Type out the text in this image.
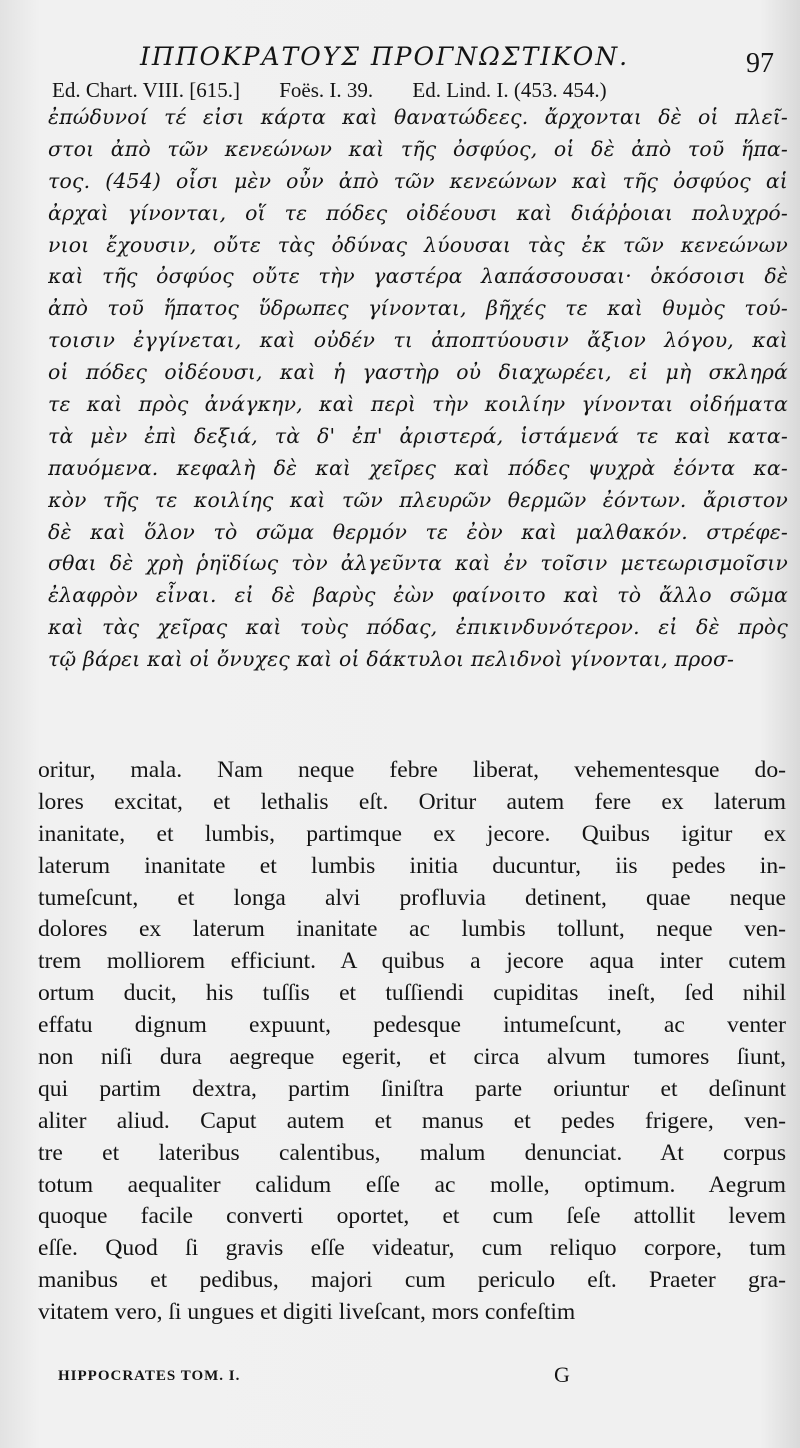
ΙΠΠΟΚΡΑΤΟΥΣ ΠΡΟΓΝΩΣΤΙΚΟΝ.	97
Ed. Chart. VIII. [615.] Foës. I. 39. Ed. Lind. I. (453. 454.)
ἐπώδυνοί τέ εἰσι κάρτα καὶ θανατώδεες. ἄρχονται δὲ οἱ πλεῖ-
στοι ἀπὸ τῶν κενεώνων καὶ τῆς ὀσφύος, οἱ δὲ ἀπὸ τοῦ ἥπα-
τος. (454) οἷσι μὲν οὖν ἀπὸ τῶν κενεώνων καὶ τῆς ὀσφύος αἱ
ἀρχαὶ γίνονται, οἵ τε πόδες οἰδέουσι καὶ διάῤῥοιαι πολυχρό-
νιοι ἔχουσιν, οὔτε τὰς ὀδύνας λύουσαι τὰς ἐκ τῶν κενεώνων
καὶ τῆς ὀσφύος οὔτε τὴν γαστέρα λαπάσσουσαι· ὁκόσοισι δὲ
ἀπὸ τοῦ ἥπατος ὕδρωπες γίνονται, βῆχές τε καὶ θυμὸς τού-
τοισιν ἐγγίνεται, καὶ οὐδέν τι ἀποπτύουσιν ἄξιον λόγου, καὶ
οἱ πόδες οἰδέουσι, καὶ ἡ γαστὴρ οὐ διαχωρέει, εἰ μὴ σκληρά
τε καὶ πρὸς ἀνάγκην, καὶ περὶ τὴν κοιλίην γίνονται οἰδήματα
τὰ μὲν ἐπὶ δεξιά, τὰ δ' ἐπ' ἀριστερά, ἱστάμενά τε καὶ κατα-
παυόμενα. κεφαλὴ δὲ καὶ χεῖρες καὶ πόδες ψυχρὰ ἐόντα κα-
κὸν τῆς τε κοιλίης καὶ τῶν πλευρῶν θερμῶν ἐόντων. ἄριστον
δὲ καὶ ὅλον τὸ σῶμα θερμόν τε ἐὸν καὶ μαλθακόν. στρέφε-
σθαι δὲ χρὴ ῥηϊδίως τὸν ἀλγεῦντα καὶ ἐν τοῖσιν μετεωρισμοῖσιν
ἐλαφρὸν εἶναι. εἰ δὲ βαρὺς ἐὼν φαίνοιτο καὶ τὸ ἄλλο σῶμα
καὶ τὰς χεῖρας καὶ τοὺς πόδας, ἐπικινδυνότερον. εἰ δὲ πρὸς
τῷ βάρει καὶ οἱ ὄνυχες καὶ οἱ δάκτυλοι πελιδνοὶ γίνονται, προσ-
oritur, mala. Nam neque febre liberat, vehementesque do-
lores excitat, et lethalis eſt. Oritur autem fere ex laterum
inanitate, et lumbis, partimque ex jecore. Quibus igitur ex
laterum inanitate et lumbis initia ducuntur, iis pedes in-
tumeſcunt, et longa alvi profluvia detinent, quae neque
dolores ex laterum inanitate ac lumbis tollunt, neque ven-
trem molliorem efficiunt. A quibus a jecore aqua inter cutem
ortum ducit, his tuſſis et tuſſiendi cupiditas ineſt, ſed nihil
effatu dignum expuunt, pedesque intumeſcunt, ac venter
non niſi dura aegreque egerit, et circa alvum tumores ſiunt,
qui partim dextra, partim ſiniſtra parte oriuntur et deſinunt
aliter aliud. Caput autem et manus et pedes frigere, ven-
tre et lateribus calentibus, malum denunciat. At corpus
totum aequaliter calidum eſſe ac molle, optimum. Aegrum
quoque facile converti oportet, et cum ſeſe attollit levem
eſſe. Quod ſi gravis eſſe videatur, cum reliquo corpore, tum
manibus et pedibus, majori cum periculo eſt. Praeter gra-
vitatem vero, ſi ungues et digiti liveſcant, mors confeſtim
HIPPOCRATES TOM. I.	G
